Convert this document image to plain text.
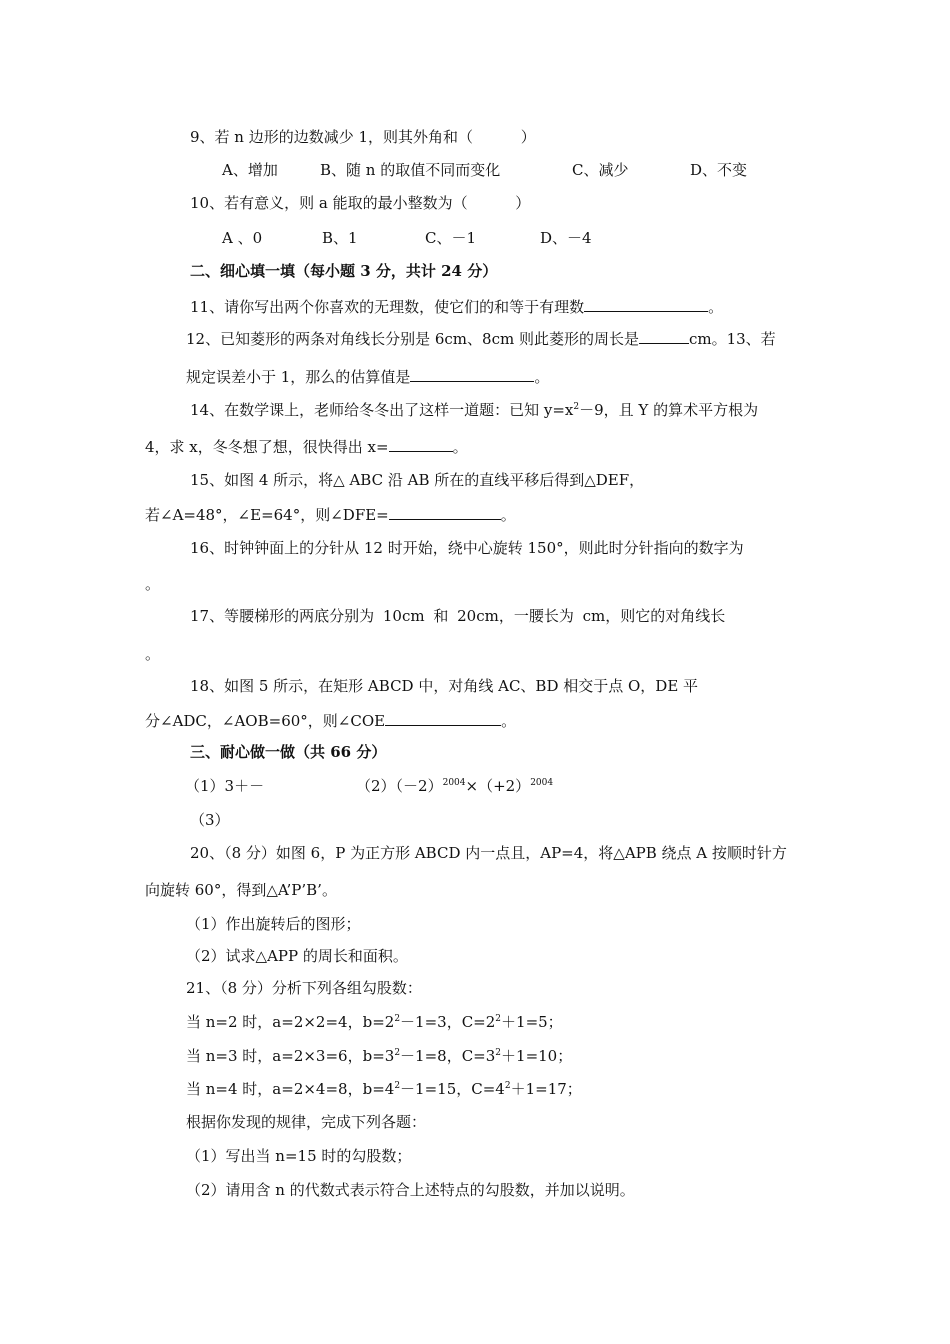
9、若 n 边形的边数减少 1，则其外角和（          ）
A、增加	B、随 n 的取值不同而变化	C、减少	D、不变
10、若有意义，则 a 能取的最小整数为（          ）
A 、0	B、1	C、－1	D、－4
二、细心填一填（每小题 3 分，共计 24 分）
11、请你写出两个你喜欢的无理数，使它们的和等于有理数	。
12、已知菱形的两条对角线长分别是 6cm、8cm 则此菱形的周长是	cm。13、若
规定误差小于 1，那么的估算值是	。
14、在数学课上，老师给冬冬出了这样一道题：已知 $y=x^2-9$，且 Y 的算术平方根为
4，求 x，冬冬想了想，很快得出 x=	。
15、如图 4 所示，将△ ABC 沿 AB 所在的直线平移后得到△DEF，
若∠A=48°，∠E=64°，则∠DFE=	。
16、时钟钟面上的分针从 12 时开始，绕中心旋转 150°，则此时分针指向的数字为
。
17、等腰梯形的两底分别为 10cm 和 20cm，一腰长为 cm，则它的对角线长
。
18、如图 5 所示，在矩形 ABCD 中，对角线 AC、BD 相交于点 O，DE 平
分∠ADC，∠AOB=60°，则∠COE	。
三、耐心做一做（共 66 分）
（1）3＋－	$(2)(-2)^{2004}\times(+2)^{2004}$
（3）
20、（8 分）如图 6，P 为正方形 ABCD 内一点且，AP=4，将△APB 绕点 A 按顺时针方
向旋转 60°，得到△A’P’B’。
（1）作出旋转后的图形；
（2）试求△APP 的周长和面积。
21、（8 分）分析下列各组勾股数：
当 n=2 时，a=2×2=4，$b=2^2-1=3$，$C=2^2+1=5$；
当 n=3 时，a=2×3=6，$b=3^2-1=8$，$C=3^2+1=10$；
当 n=4 时，a=2×4=8，$b=4^2-1=15$，$C=4^2+1=17$；
根据你发现的规律，完成下列各题：
（1）写出当 n=15 时的勾股数；
（2）请用含 n 的代数式表示符合上述特点的勾股数，并加以说明。
